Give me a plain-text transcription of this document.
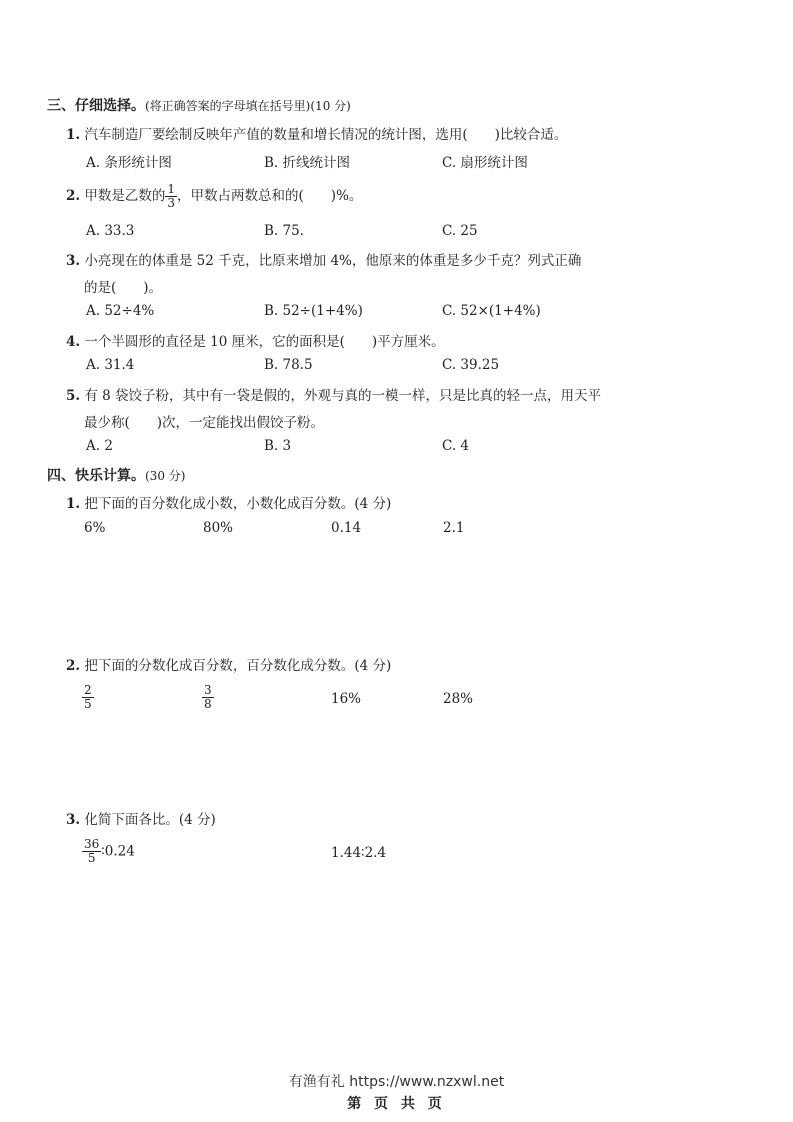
三、仔细选择。(将正确答案的字母填在括号里)(10 分)
1. 汽车制造厂要绘制反映年产值的数量和增长情况的统计图，选用(　　)比较合适。
A. 条形统计图	B. 折线统计图	C. 扇形统计图
2. 甲数是乙数的 $\frac{1}{3}$ ，甲数占两数总和的(　　)%。
A. 33.3	B. 75.	C. 25
3. 小亮现在的体重是 52 千克，比原来增加 4%，他原来的体重是多少千克？列式正确
的是(　　)。
A. 52÷4%	B. 52÷(1+4%)	C. 52×(1+4%)
4. 一个半圆形的直径是 10 厘米，它的面积是(　　)平方厘米。
A. 31.4	B. 78.5	C. 39.25
5. 有 8 袋饺子粉，其中有一袋是假的，外观与真的一模一样，只是比真的轻一点，用天平
最少称(　　)次，一定能找出假饺子粉。
A. 2	B. 3	C. 4
四、快乐计算。(30 分)
1. 把下面的百分数化成小数，小数化成百分数。(4 分)
6%	80%	0.14	2.1
2. 把下面的分数化成百分数，百分数化成分数。(4 分)
$\frac{2}{5}$	$\frac{3}{8}$	16%	28%
3. 化简下面各比。(4 分)
$\frac{36}{5}$ ∶0.24	1.44∶2.4
有渔有礼 https://www.nzxwl.net
第 页 共 页
